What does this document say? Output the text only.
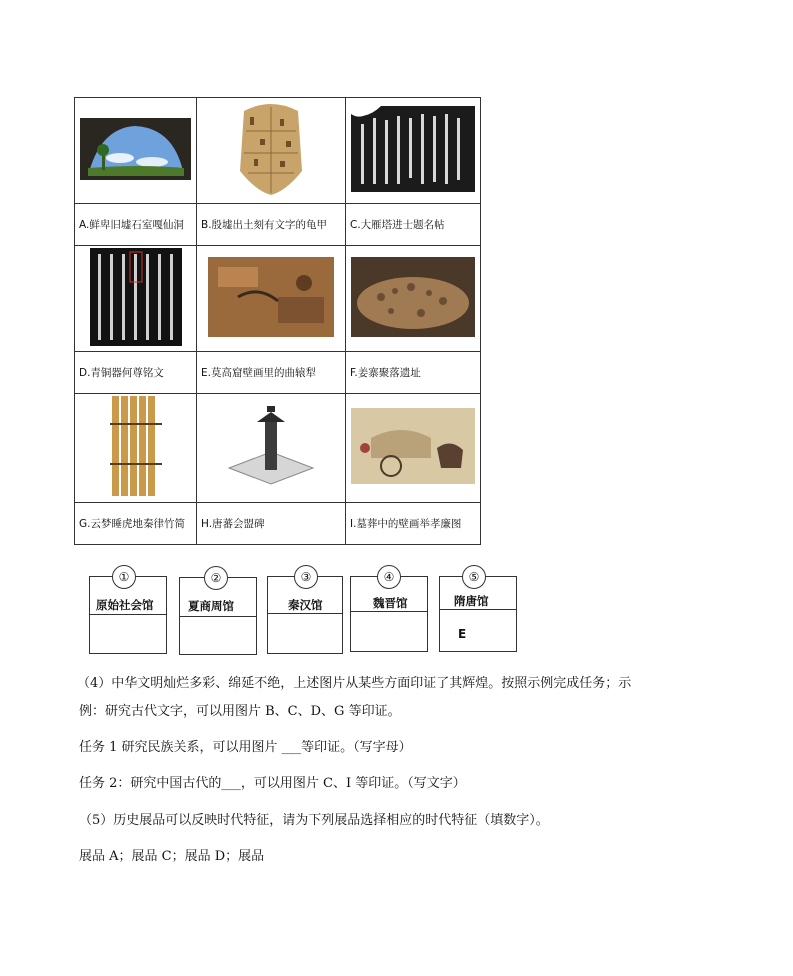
A.鲜卑旧墟石室嘎仙洞	B.殷墟出土刻有文字的龟甲	C.大雁塔进士题名帖

D.青铜器何尊铭文	E.莫高窟壁画里的曲辕犁	F.姜寨聚落遗址

G.云梦睡虎地秦律竹简	H.唐蕃会盟碑	I.墓葬中的壁画举孝廉图
①
原始社会馆
②
夏商周馆
③
秦汉馆
④
魏晋馆
⑤
隋唐馆
E
（4）中华文明灿烂多彩、绵延不绝，上述图片从某些方面印证了其辉煌。按照示例完成任务；示
例：研究古代文字，可以用图片 B、C、D、G 等印证。
任务 1 研究民族关系，可以用图片 ___等印证。（写字母）
任务 2：研究中国古代的___，可以用图片 C、I 等印证。（写文字）
（5）历史展品可以反映时代特征，请为下列展品选择相应的时代特征（填数字）。
展品 A；展品 C；展品 D；展品
